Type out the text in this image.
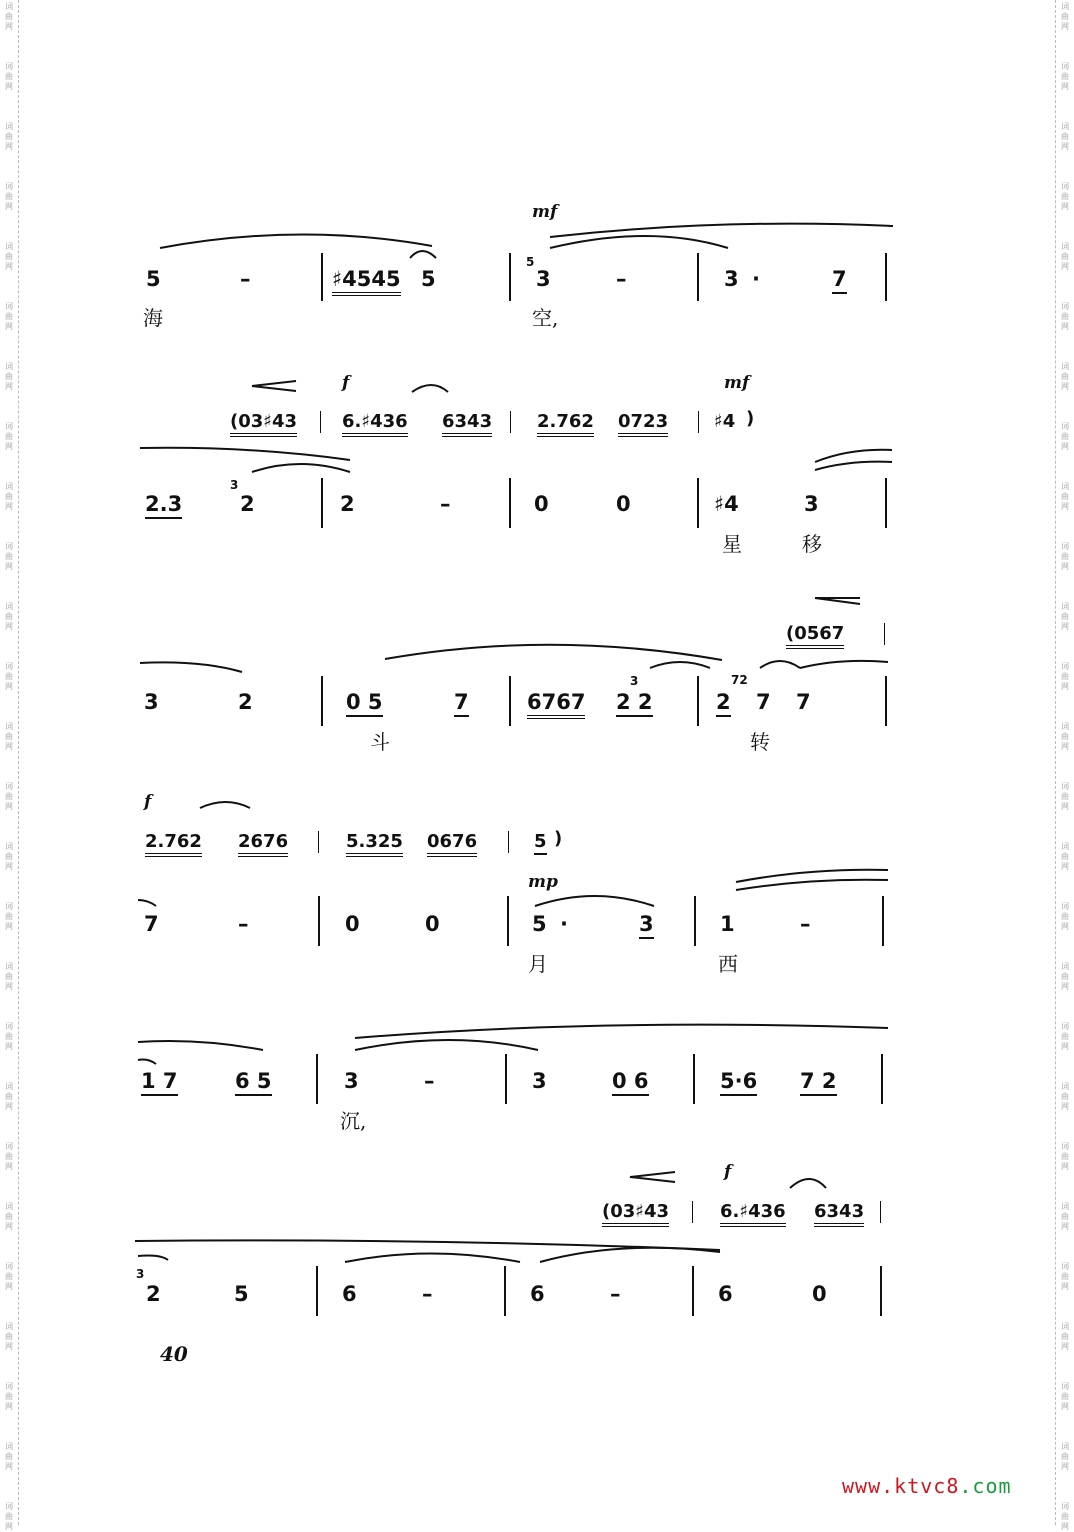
mf
5	–	♯4545 5
5
3	–	3 ·	7
海	空,
f	mf
(03♯43 6.♯436 6343 2.762 0723	♯4 )
2.3
3
2	2	–	0	0	♯4	3
星	移
(0567
3	2	0 5	7	6767
3
2 2
72
2 7 7
斗	转
f
2.762 2676	5.325 0676	5 )
mp
7	–	0	0	5 ·	3	1	–
月	西
1 7	6 5	3	–	3	0 6	5·6 7 2
沉,
f
(03♯43	6.♯436 6343
3
2	5	6	–	6	–	6	0
40
www.ktvc8.com
词
曲
网
词
曲
网
词
曲
网
词
曲
网
词
曲
网
词
曲
网
词
曲
网
词
曲
网
词
曲
网
词
曲
网
词
曲
网
词
曲
网
词
曲
网
词
曲
网
词
曲
网
词
曲
网
词
曲
网
词
曲
网
词
曲
网
词
曲
网
词
曲
网
词
曲
网
词
曲
网
词
曲
网
词
曲
网
词
曲
网
词
曲
网
词
曲
网
词
曲
网
词
曲
网
词
曲
网
词
曲
网
词
曲
网
词
曲
网
词
曲
网
词
曲
网
词
曲
网
词
曲
网
词
曲
网
词
曲
网
词
曲
网
词
曲
网
词
曲
网
词
曲
网
词
曲
网
词
曲
网
词
曲
网
词
曲
网
词
曲
网
词
曲
网
词
曲
网
词
曲
网
